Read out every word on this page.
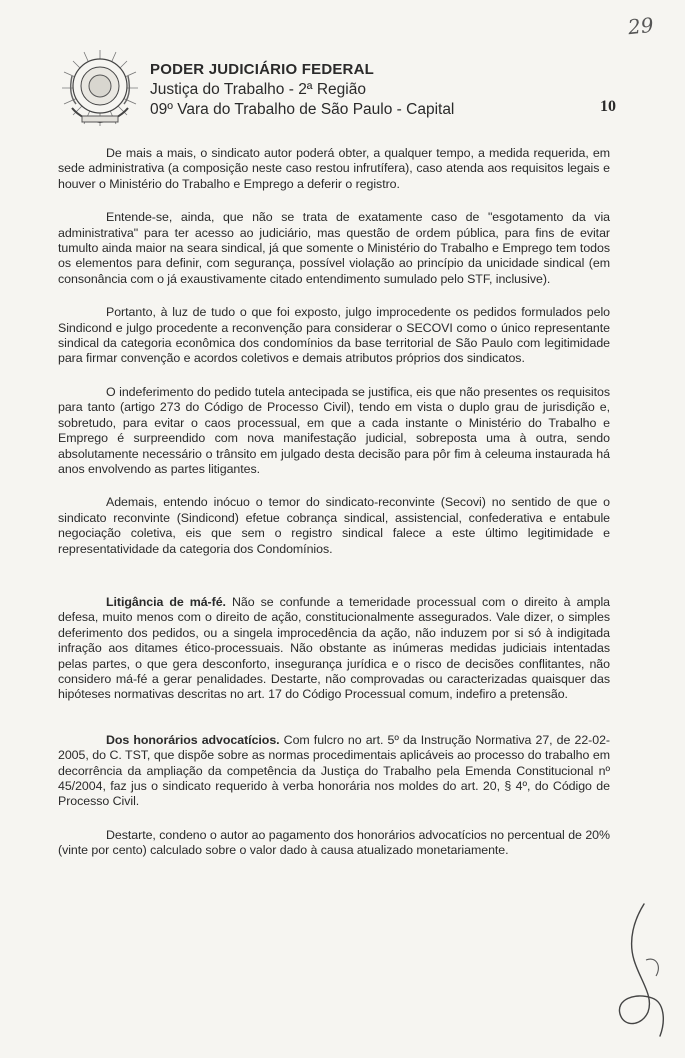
PODER JUDICIÁRIO FEDERAL

Justiça do Trabalho - 2ª Região

09º Vara do Trabalho de São Paulo - Capital	10
29

De mais a mais, o sindicato autor poderá obter, a qualquer tempo, a medida requerida, em sede administrativa (a composição neste caso restou infrutífera), caso atenda aos requisitos legais e houver o Ministério do Trabalho e Emprego a deferir o registro.

Entende-se, ainda, que não se trata de exatamente caso de "esgotamento da via administrativa" para ter acesso ao judiciário, mas questão de ordem pública, para fins de evitar tumulto ainda maior na seara sindical, já que somente o Ministério do Trabalho e Emprego tem todos os elementos para definir, com segurança, possível violação ao princípio da unicidade sindical (em consonância com o já exaustivamente citado entendimento sumulado pelo STF, inclusive).

Portanto, à luz de tudo o que foi exposto, julgo improcedente os pedidos formulados pelo Sindicond e julgo procedente a reconvenção para considerar o SECOVI como o único representante sindical da categoria econômica dos condomínios da base territorial de São Paulo com legitimidade para firmar convenção e acordos coletivos e demais atributos próprios dos sindicatos.

O indeferimento do pedido tutela antecipada se justifica, eis que não presentes os requisitos para tanto (artigo 273 do Código de Processo Civil), tendo em vista o duplo grau de jurisdição e, sobretudo, para evitar o caos processual, em que a cada instante o Ministério do Trabalho e Emprego é surpreendido com nova manifestação judicial, sobreposta uma à outra, sendo absolutamente necessário o trânsito em julgado desta decisão para pôr fim à celeuma instaurada há anos envolvendo as partes litigantes.

Ademais, entendo inócuo o temor do sindicato-reconvinte (Secovi) no sentido de que o sindicato reconvinte (Sindicond) efetue cobrança sindical, assistencial, confederativa e entabule negociação coletiva, eis que sem o registro sindical falece a este último legitimidade e representatividade da categoria dos Condomínios.

Litigância de má-fé. Não se confunde a temeridade processual com o direito à ampla defesa, muito menos com o direito de ação, constitucionalmente assegurados. Vale dizer, o simples deferimento dos pedidos, ou a singela improcedência da ação, não induzem por si só à indigitada infração aos ditames ético-processuais. Não obstante as inúmeras medidas judiciais intentadas pelas partes, o que gera desconforto, insegurança jurídica e o risco de decisões conflitantes, não considero má-fé a gerar penalidades. Destarte, não comprovadas ou caracterizadas quaisquer das hipóteses normativas descritas no art. 17 do Código Processual comum, indefiro a pretensão.

Dos honorários advocatícios. Com fulcro no art. 5º da Instrução Normativa 27, de 22-02-2005, do C. TST, que dispõe sobre as normas procedimentais aplicáveis ao processo do trabalho em decorrência da ampliação da competência da Justiça do Trabalho pela Emenda Constitucional nº 45/2004, faz jus o sindicato requerido à verba honorária nos moldes do art. 20, § 4º, do Código de Processo Civil.

Destarte, condeno o autor ao pagamento dos honorários advocatícios no percentual de 20% (vinte por cento) calculado sobre o valor dado à causa atualizado monetariamente.
